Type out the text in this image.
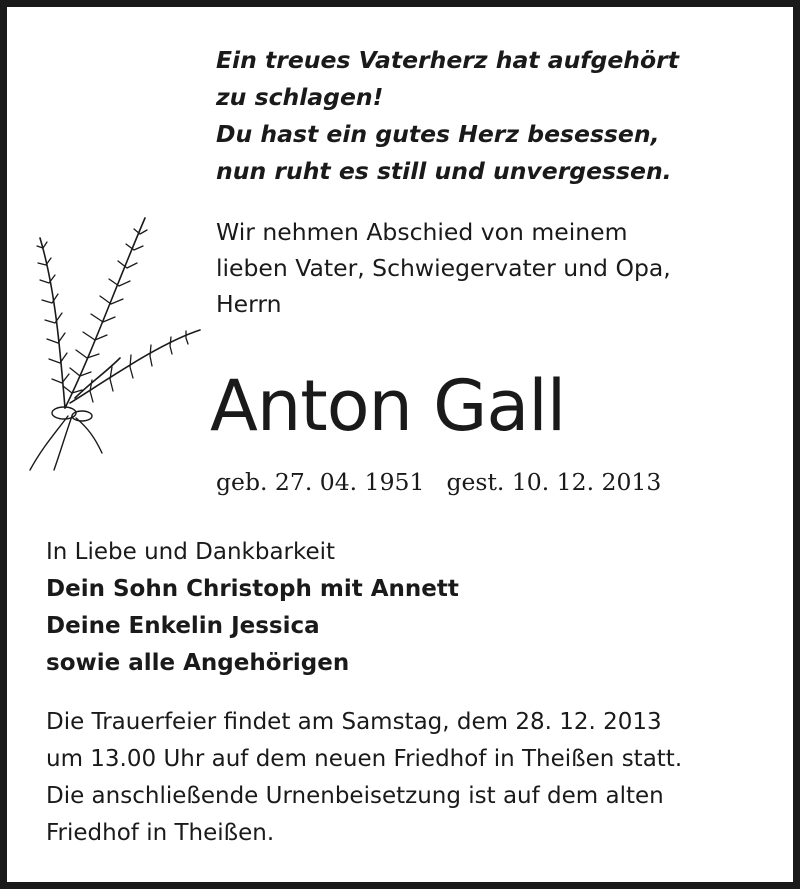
Ein treues Vaterherz hat aufgehört
zu schlagen!
Du hast ein gutes Herz besessen,
nun ruht es still und unvergessen.
Wir nehmen Abschied von meinem
lieben Vater, Schwiegervater und Opa,
Herrn
Anton Gall
geb. 27. 04. 1951 gest. 10. 12. 2013
In Liebe und Dankbarkeit
Dein Sohn Christoph mit Annett
Deine Enkelin Jessica
sowie alle Angehörigen
Die Trauerfeier findet am Samstag, dem 28. 12. 2013
um 13.00 Uhr auf dem neuen Friedhof in Theißen statt.
Die anschließende Urnenbeisetzung ist auf dem alten
Friedhof in Theißen.
